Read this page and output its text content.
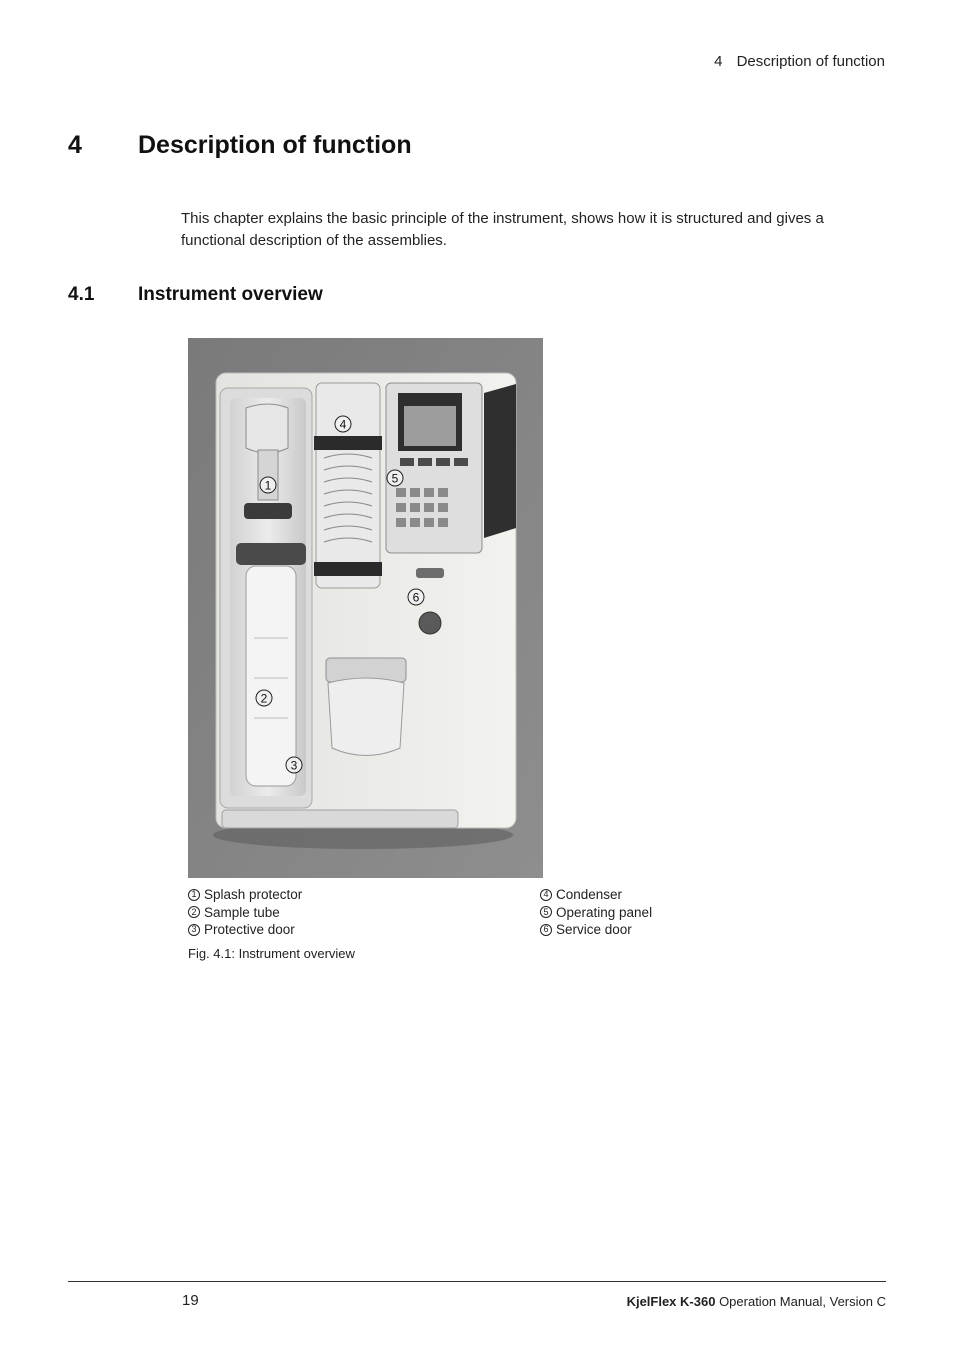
4 Description of function
4 Description of function
This chapter explains the basic principle of the instrument, shows how it is structured and gives a functional description of the assemblies.
4.1 Instrument overview
1
2
3
4
5
6
1 Splash protector
2 Sample tube
3 Protective door
4 Condenser
5 Operating panel
6 Service door
Fig. 4.1: Instrument overview
19	KjelFlex K-360 Operation Manual, Version C
